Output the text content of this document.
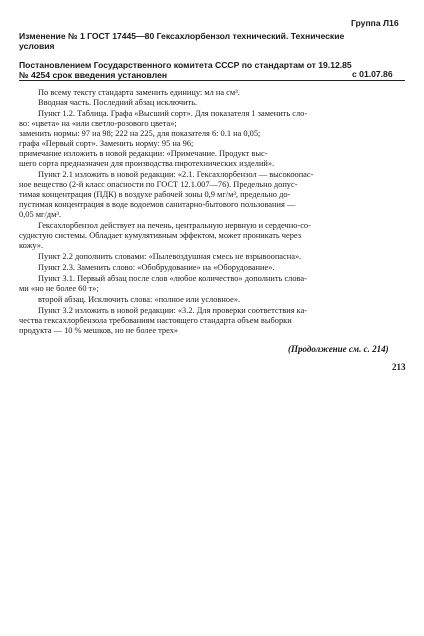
Группа Л16
Изменение № 1 ГОСТ 17445—80 Гексахлорбензол технический. Технические
условия
Постановлением Государственного комитета СССР по стандартам от 19.12.85
№ 4254 срок введения установлен	с 01.07.86
По всему тексту стандарта заменить единицу: мл на см³.
Вводная часть. Последний абзац исключить.
Пункт 1.2. Таблица. Графа «Высший сорт». Для показателя 1 заменить сло-
во: «цвета» на «или светло-розового цвета»;
заменить нормы: 97 на 98; 222 на 225, для показателя 6: 0.1 на 0,05;
графа «Первый сорт». Заменить норму: 95 на 96;
примечание изложить в новой редакции: «Примечание. Продукт выс-
шего сорта предназначен для производства пиротехнических изделий».
Пункт 2.1 изложить в новой редакции: «2.1. Гексахлорбензол — высокоопас-
ное вещество (2-й класс опасности по ГОСТ 12.1.007—76). Предельно допус-
тимая концентрация (ПДК) в воздухе рабочей зоны 0,9 мг/м³, предельно до-
пустимая концентрация в воде водоемов санитарно-бытового пользования —
0,05 мг/дм³.
Гексахлорбензол действует на печень, центральную нервную и сердечно-со-
судистую системы. Обладает кумулятивным эффектом, может проникать через
кожу».
Пункт 2.2 дополнить словами: «Пылевоздушная смесь не взрывоопасна».
Пункт 2.3. Заменить слово: «Обобрудование» на «Оборудование».
Пункт 3.1. Первый абзац после слов «любое количество» дополнить слова-
ми «но не более 60 т»;
второй абзац. Исключить слова: «полное или условное».
Пункт 3.2 изложить в новой редакции: «3.2. Для проверки соответствия ка-
чества гексахлорбензола требованиям настоящего стандарта объем выборки
продукта — 10 % мешков, но не более трех»
(Продолжение см. с. 214)
213
